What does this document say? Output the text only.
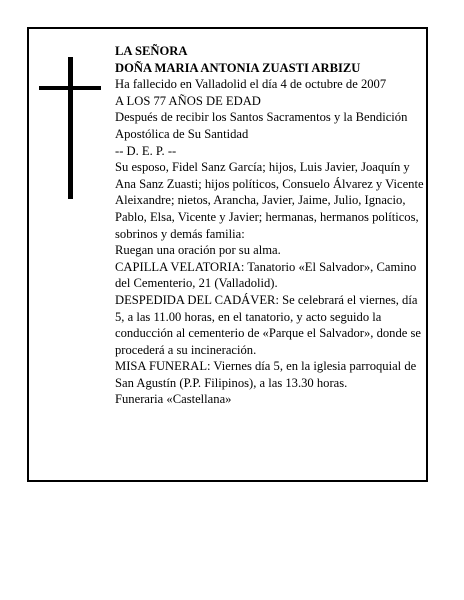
LA SEÑORA

DOÑA MARIA ANTONIA ZUASTI ARBIZU

Ha fallecido en Valladolid el día 4 de octubre de 2007

A LOS 77 AÑOS DE EDAD

Después de recibir los Santos Sacramentos y la Bendición Apostólica de Su Santidad

-- D. E. P. --

Su esposo, Fidel Sanz García; hijos, Luis Javier, Joaquín y Ana Sanz Zuasti; hijos políticos, Consuelo Álvarez y Vicente Aleixandre; nietos, Arancha, Javier, Jaime, Julio, Ignacio, Pablo, Elsa, Vicente y Javier; hermanas, hermanos políticos, sobrinos y demás familia:

Ruegan una oración por su alma.

CAPILLA VELATORIA: Tanatorio «El Salvador», Camino del Cementerio, 21 (Valladolid).

DESPEDIDA DEL CADÁVER: Se celebrará el viernes, día 5, a las 11.00 horas, en el tanatorio, y acto seguido la conducción al cementerio de «Parque el Salvador», donde se procederá a su incineración.

MISA FUNERAL: Viernes día 5, en la iglesia parroquial de San Agustín (P.P. Filipinos), a las 13.30 horas.

Funeraria «Castellana»
